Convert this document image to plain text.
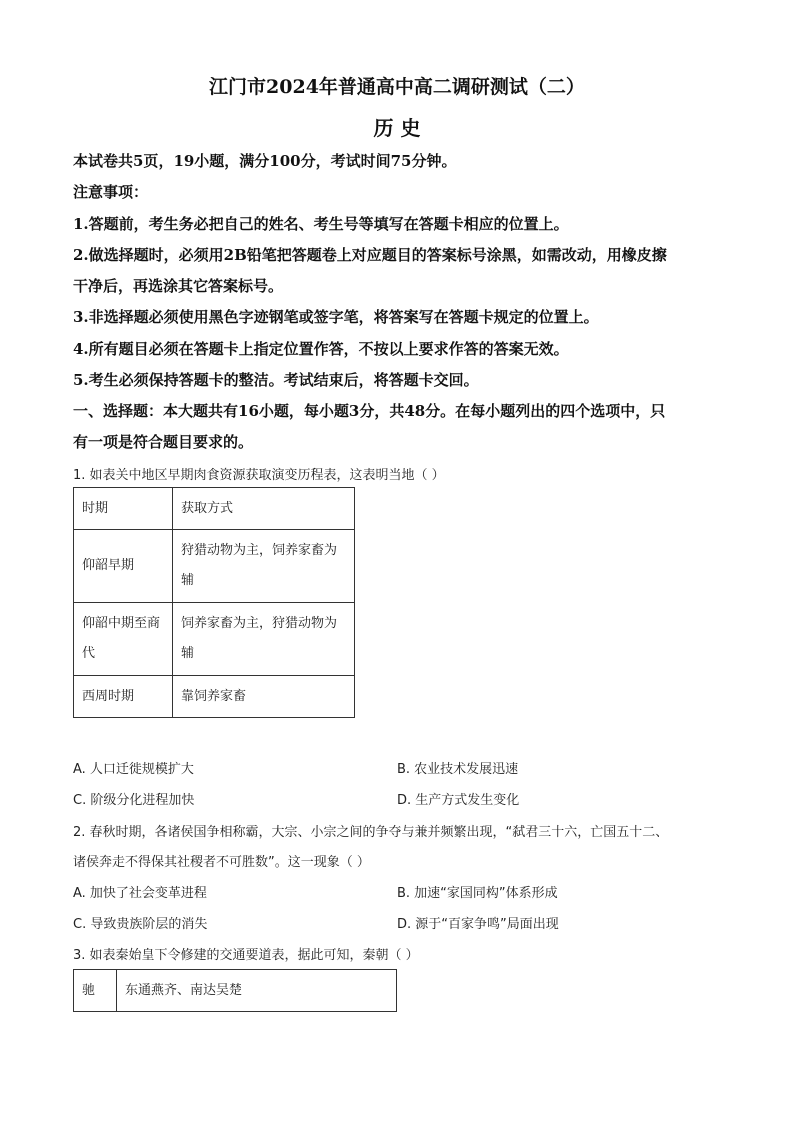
江门市2024年普通高中高二调研测试（二）
历 史
本试卷共5页，19小题，满分100分，考试时间75分钟。
注意事项：
1.答题前，考生务必把自己的姓名、考生号等填写在答题卡相应的位置上。
2.做选择题时，必须用2B铅笔把答题卷上对应题目的答案标号涂黑，如需改动，用橡皮擦
干净后，再选涂其它答案标号。
3.非选择题必须使用黑色字迹钢笔或签字笔，将答案写在答题卡规定的位置上。
4.所有题目必须在答题卡上指定位置作答，不按以上要求作答的答案无效。
5.考生必须保持答题卡的整洁。考试结束后，将答题卡交回。
一、选择题：本大题共有16小题，每小题3分，共48分。在每小题列出的四个选项中，只
有一项是符合题目要求的。
1. 如表关中地区早期肉食资源获取演变历程表，这表明当地（ ）
时期	获取方式
仰韶早期	狩猎动物为主，饲养家畜为辅
仰韶中期至商代	饲养家畜为主，狩猎动物为辅
西周时期	靠饲养家畜
A. 人口迁徙规模扩大	B. 农业技术发展迅速
C. 阶级分化进程加快	D. 生产方式发生变化
2. 春秋时期，各诸侯国争相称霸，大宗、小宗之间的争夺与兼并频繁出现，“弑君三十六，亡国五十二、
诸侯奔走不得保其社稷者不可胜数”。这一现象（ ）
A. 加快了社会变革进程	B. 加速“家国同构”体系形成
C. 导致贵族阶层的消失	D. 源于“百家争鸣”局面出现
3. 如表秦始皇下令修建的交通要道表，据此可知，秦朝（ ）
驰	东通燕齐、南达吴楚
